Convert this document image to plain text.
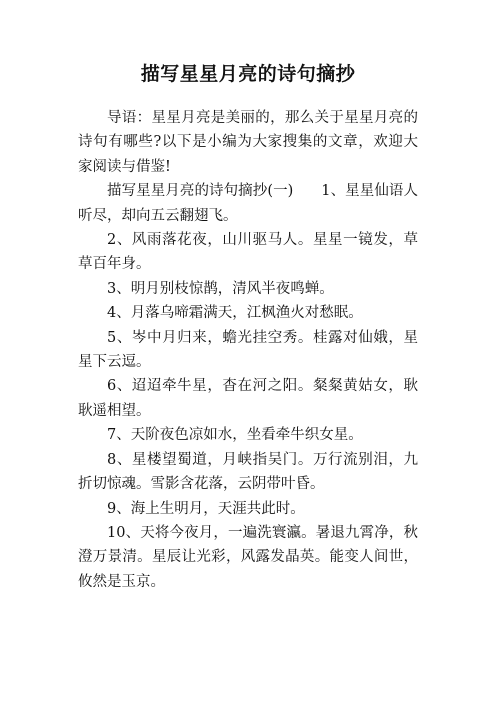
描写星星月亮的诗句摘抄

导语：星星月亮是美丽的，那么关于星星月亮的诗句有哪些?以下是小编为大家搜集的文章，欢迎大家阅读与借鉴!

描写星星月亮的诗句摘抄(一) 1、星星仙语人听尽，却向五云翻翅飞。

2、风雨落花夜，山川驱马人。星星一镜发，草草百年身。

3、明月别枝惊鹊，清风半夜鸣蝉。

4、月落乌啼霜满天，江枫渔火对愁眠。

5、岑中月归来，蟾光挂空秀。桂露对仙娥，星星下云逗。

6、迢迢牵牛星，杳在河之阳。粲粲黄姑女，耿耿遥相望。

7、天阶夜色凉如水，坐看牵牛织女星。

8、星楼望蜀道，月峡指吴门。万行流别泪，九折切惊魂。雪影含花落，云阴带叶昏。

9、海上生明月，天涯共此时。

10、天将今夜月，一遍洗寰瀛。暑退九霄净，秋澄万景清。星辰让光彩，风露发晶英。能变人间世，攸然是玉京。
